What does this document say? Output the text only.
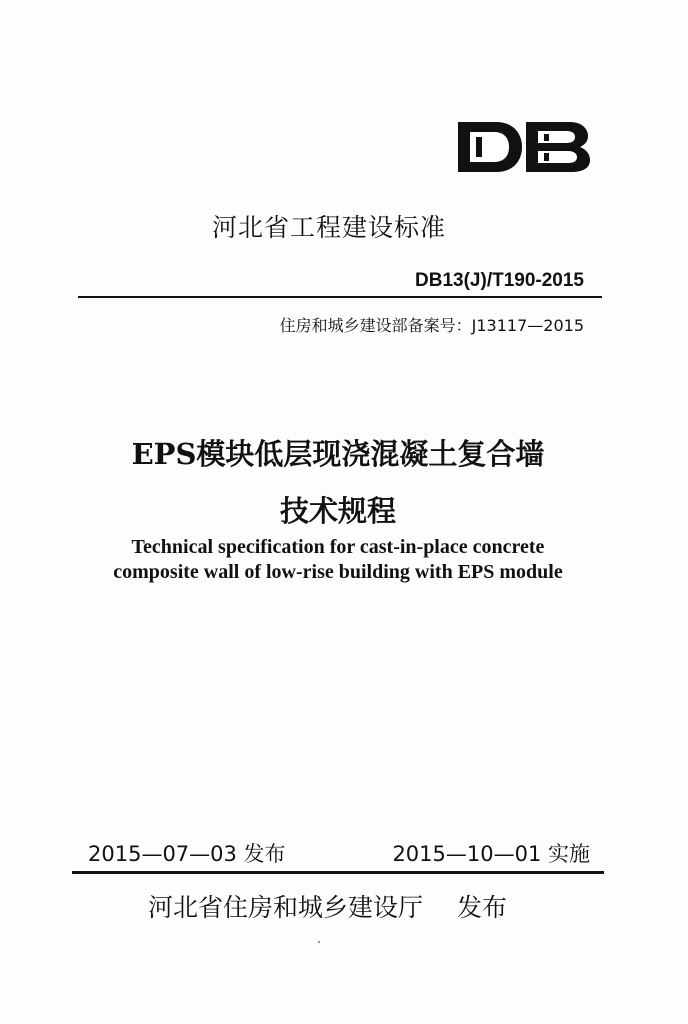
河北省工程建设标准
DB13(J)/T190-2015
住房和城乡建设部备案号：J13117—2015
EPS模块低层现浇混凝土复合墙
技术规程
Technical specification for cast-in-place concrete
composite wall of low-rise building with EPS module
2015—07—03 发布	2015—10—01 实施
河北省住房和城乡建设厅 发布
